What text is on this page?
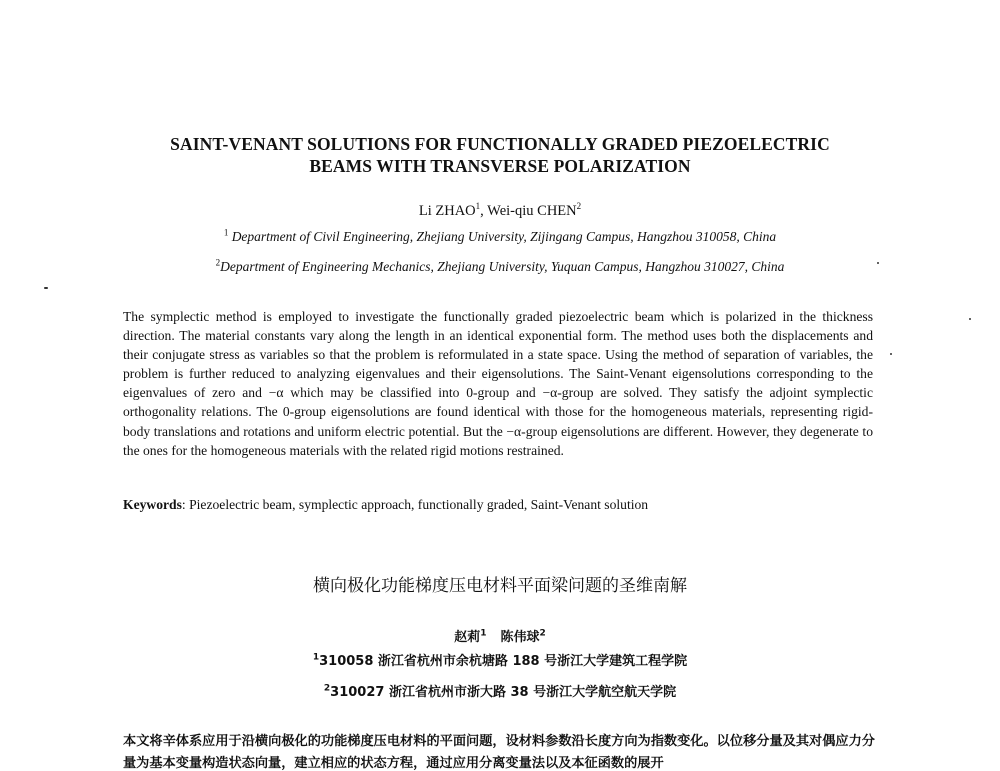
SAINT-VENANT SOLUTIONS FOR FUNCTIONALLY GRADED PIEZOELECTRIC
BEAMS WITH TRANSVERSE POLARIZATION
Li ZHAO$^1$, Wei-qiu CHEN$^2$
$^1$ Department of Civil Engineering, Zhejiang University, Zijingang Campus, Hangzhou 310058, China
$^2$Department of Engineering Mechanics, Zhejiang University, Yuquan Campus, Hangzhou 310027, China
The symplectic method is employed to investigate the functionally graded piezoelectric beam which is polarized in the thickness direction. The material constants vary along the length in an identical exponential form. The method uses both the displacements and their conjugate stress as variables so that the problem is reformulated in a state space. Using the method of separation of variables, the problem is further reduced to analyzing eigenvalues and their eigensolutions. The Saint-Venant eigensolutions corresponding to the eigenvalues of zero and −α which may be classified into 0-group and −α-group are solved. They satisfy the adjoint symplectic orthogonality relations. The 0-group eigensolutions are found identical with those for the homogeneous materials, representing rigid-body translations and rotations and uniform electric potential. But the −α-group eigensolutions are different. However, they degenerate to the ones for the homogeneous materials with the related rigid motions restrained.
Keywords: Piezoelectric beam, symplectic approach, functionally graded, Saint-Venant solution
横向极化功能梯度压电材料平面梁问题的圣维南解
赵莉$^1$ 陈伟球$^2$
$^1$310058 浙江省杭州市余杭塘路 188 号浙江大学建筑工程学院
$^2$310027 浙江省杭州市浙大路 38 号浙江大学航空航天学院
本文将辛体系应用于沿横向极化的功能梯度压电材料的平面问题，设材料参数沿长度方向为指数变化。以位移分量及其对偶应力分量为基本变量构造状态向量，建立相应的状态方程，通过应用分离变量法以及本征函数的展开
